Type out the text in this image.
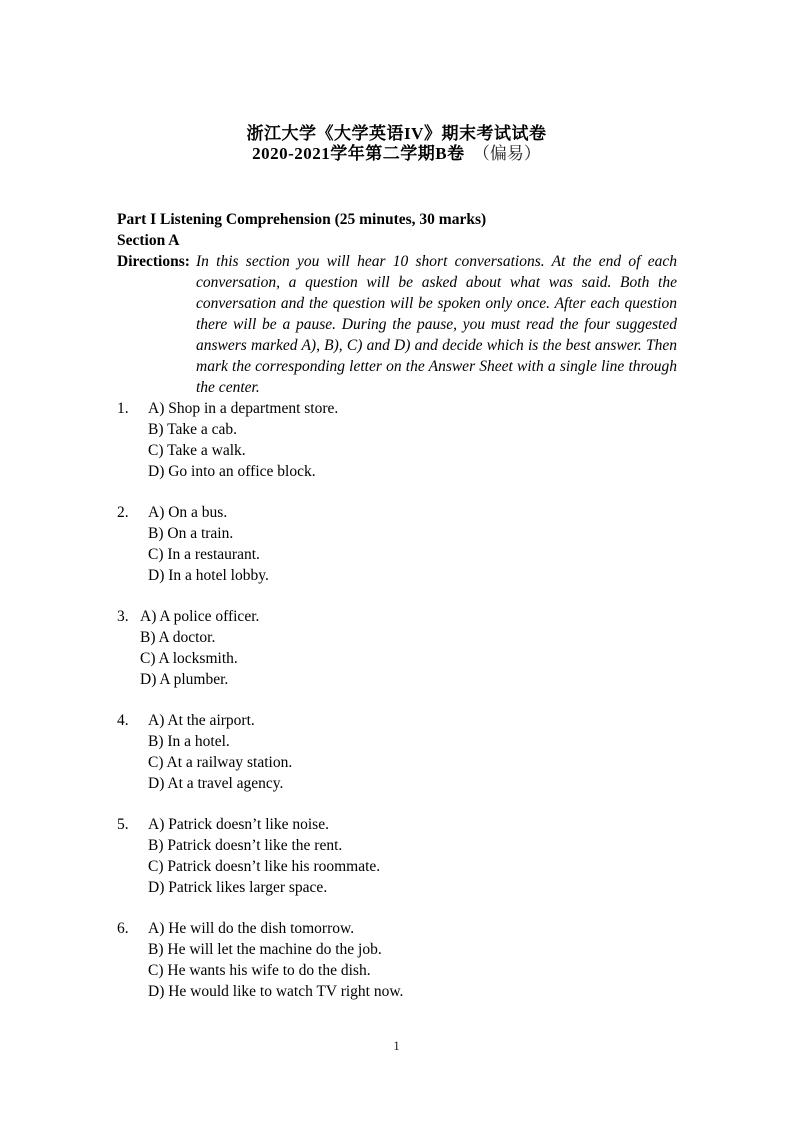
浙江大学《大学英语IV》期末考试试卷
2020-2021学年第二学期B卷 （偏易）
Part I Listening Comprehension (25 minutes, 30 marks)
Section A
Directions: In this section you will hear 10 short conversations. At the end of each conversation, a question will be asked about what was said. Both the conversation and the question will be spoken only once. After each question there will be a pause. During the pause, you must read the four suggested answers marked A), B), C) and D) and decide which is the best answer. Then mark the corresponding letter on the Answer Sheet with a single line through the center.
1.	A) Shop in a department store.
B) Take a cab.
C) Take a walk.
D) Go into an office block.
2.	A) On a bus.
B) On a train.
C) In a restaurant.
D) In a hotel lobby.
3. A) A police officer.
B) A doctor.
C) A locksmith.
D) A plumber.
4.	A) At the airport.
B) In a hotel.
C) At a railway station.
D) At a travel agency.
5.	A) Patrick doesn’t like noise.
B) Patrick doesn’t like the rent.
C) Patrick doesn’t like his roommate.
D) Patrick likes larger space.
6.	A) He will do the dish tomorrow.
B) He will let the machine do the job.
C) He wants his wife to do the dish.
D) He would like to watch TV right now.
1
